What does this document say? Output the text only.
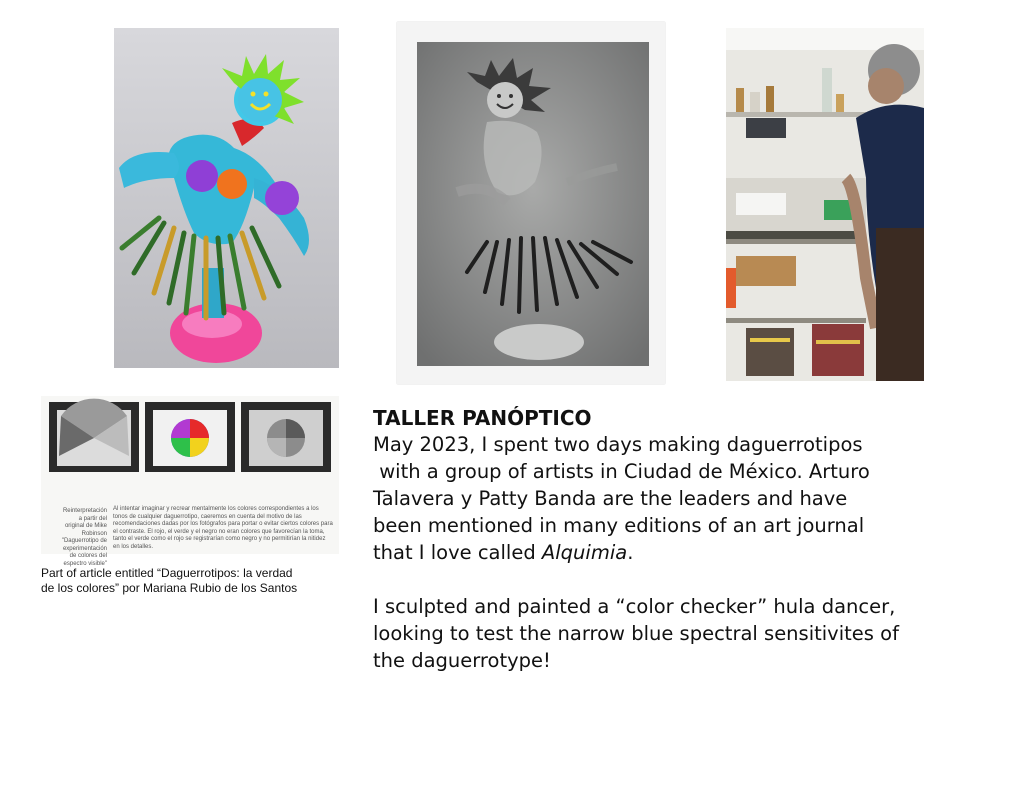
Reinterpretación a partir del original de Mike Robinson "Daguerrotipo de experimentación de colores del espectro visible"
Al intentar imaginar y recrear mentalmente los colores correspondientes a los tonos de cualquier daguerrotipo, caeremos en cuenta del motivo de las recomendaciones dadas por los fotógrafos para portar o evitar ciertos colores para el contraste. El rojo, el verde y el negro no eran colores que favorecían la toma, tanto el verde como el rojo se registrarían como negro y no permitirían la nitidez en los detalles.
Part of article entitled “Daguerrotipos: la verdad
de los colores” por Mariana Rubio de los Santos

TALLER PANÓPTICO

May 2023, I spent two days making daguerrotipos

with a group of artists in Ciudad de México. Arturo

Talavera y Patty Banda are the leaders and have

been mentioned in many editions of an art journal

that I love called Alquimia.

I sculpted and painted a “color checker” hula dancer,

looking to test the narrow blue spectral sensitivites of

the daguerrotype!
